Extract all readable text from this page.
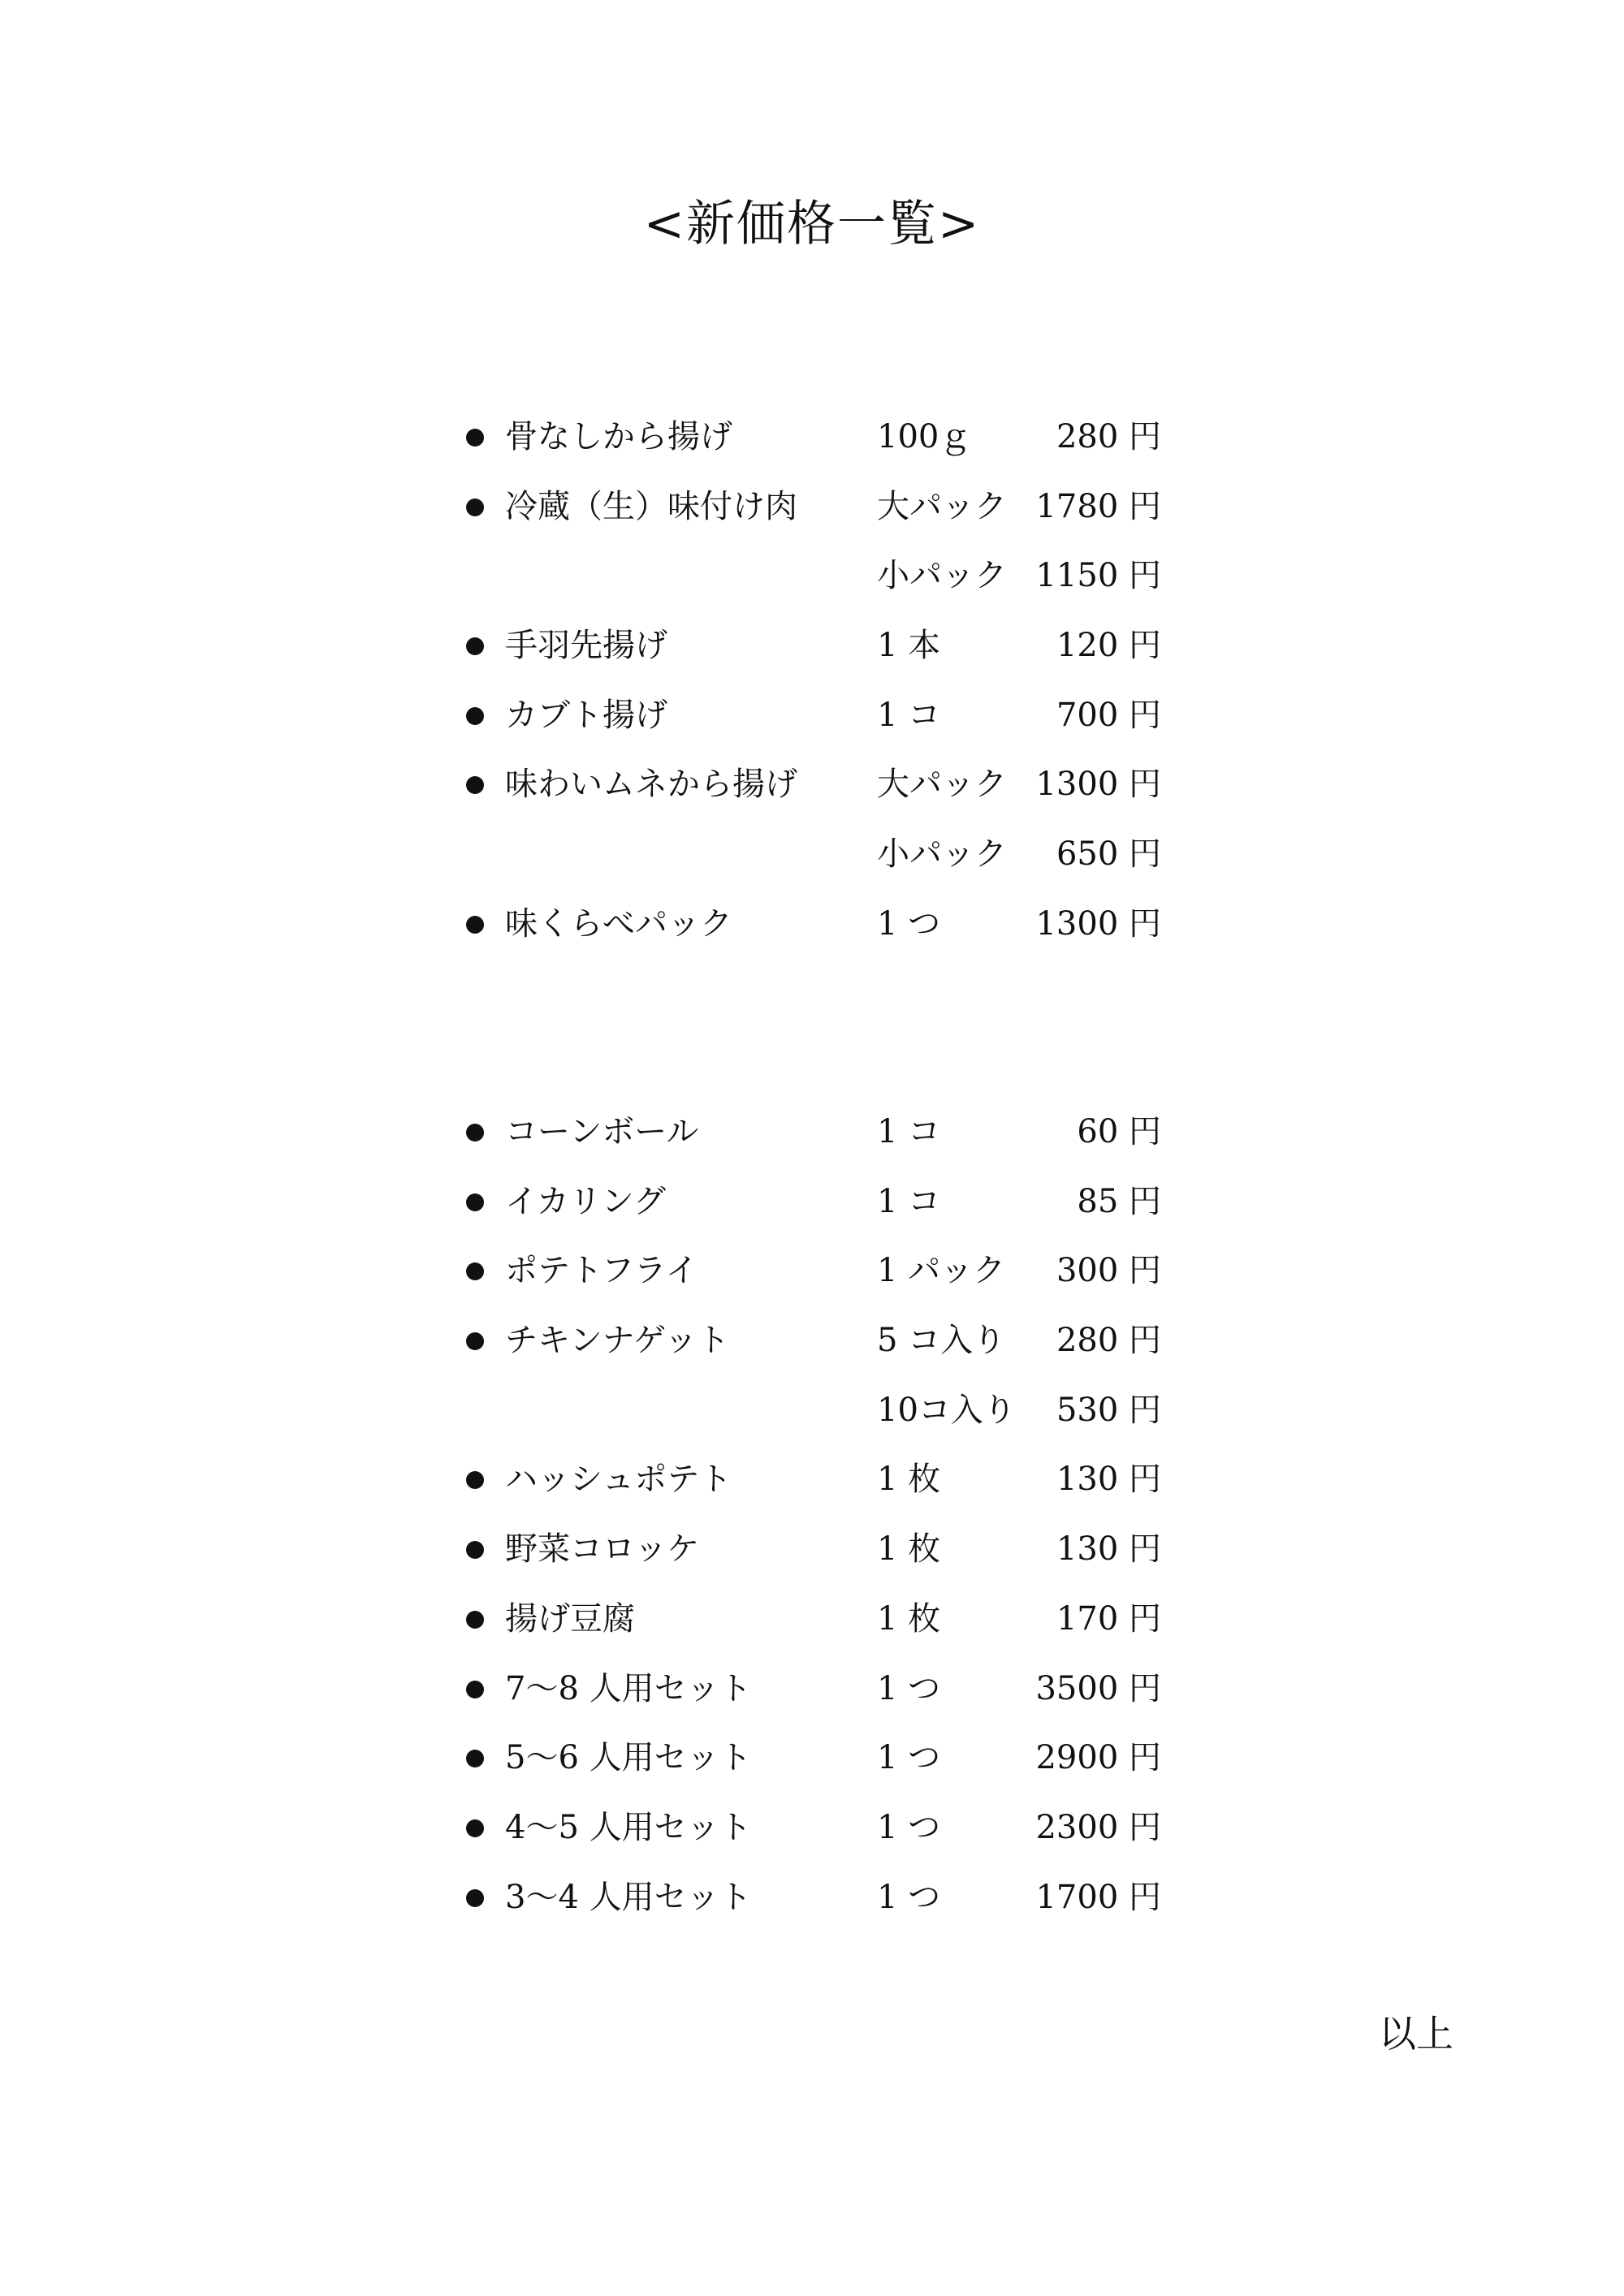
<新価格一覧>
骨なしから揚げ	100ｇ	280 円
冷蔵（生）味付け肉 大パック 1780 円
小パック 1150 円
手羽先揚げ	1 本	120 円
カブト揚げ	1 コ	700 円
味わいムネから揚げ 大パック 1300 円
小パック 650 円
味くらべパック	1 つ	1300 円
コーンボール	1 コ	60 円
イカリング	1 コ	85 円
ポテトフライ	1 パック 300 円
チキンナゲット	5 コ入り 280 円
10コ入り 530 円
ハッシュポテト	1 枚	130 円
野菜コロッケ	1 枚	130 円
揚げ豆腐	1 枚	170 円
7～8 人用セット	1 つ	3500 円
5～6 人用セット	1 つ	2900 円
4～5 人用セット	1 つ	2300 円
3～4 人用セット	1 つ	1700 円
以上
